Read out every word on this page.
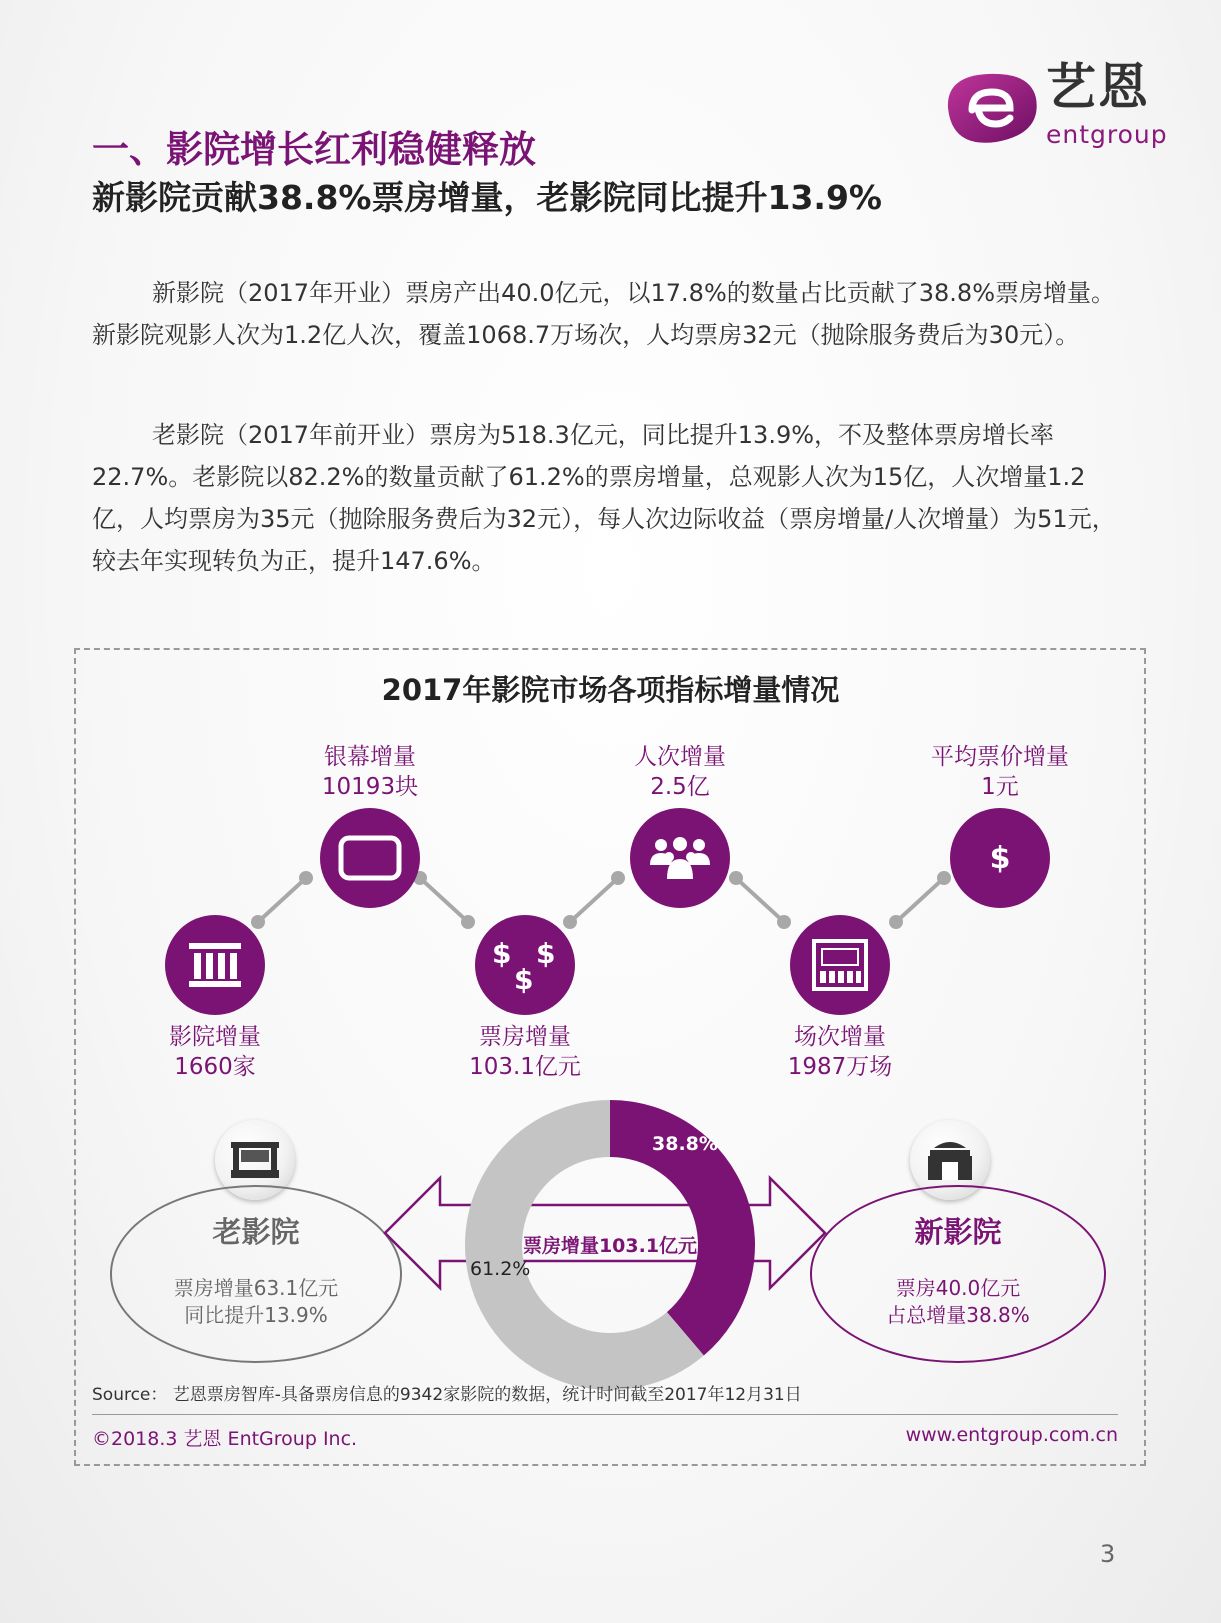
艺恩
entgroup
一、影院增长红利稳健释放
新影院贡献38.8%票房增量，老影院同比提升13.9%

新影院（2017年开业）票房产出40.0亿元，以17.8%的数量占比贡献了38.8%票房增量。新影院观影人次为1.2亿人次，覆盖1068.7万场次，人均票房32元（抛除服务费后为30元）。

老影院（2017年前开业）票房为518.3亿元，同比提升13.9%，不及整体票房增长率22.7%。老影院以82.2%的数量贡献了61.2%的票房增量，总观影人次为15亿，人次增量1.2亿，人均票房为35元（抛除服务费后为32元），每人次边际收益（票房增量/人次增量）为51元，较去年实现转负为正，提升147.6%。

2017年影院市场各项指标增量情况
影院增量
1660家
银幕增量
10193块
$ $
$
票房增量
103.1亿元
人次增量
2.5亿
场次增量
1987万场
平均票价增量
1元
$
老影院
票房增量63.1亿元
同比提升13.9%
新影院
票房40.0亿元
占总增量38.8%
38.8%
61.2%
票房增量103.1亿元
Source： 艺恩票房智库-具备票房信息的9342家影院的数据，统计时间截至2017年12月31日
©2018.3 艺恩 EntGroup Inc.	www.entgroup.com.cn
3
